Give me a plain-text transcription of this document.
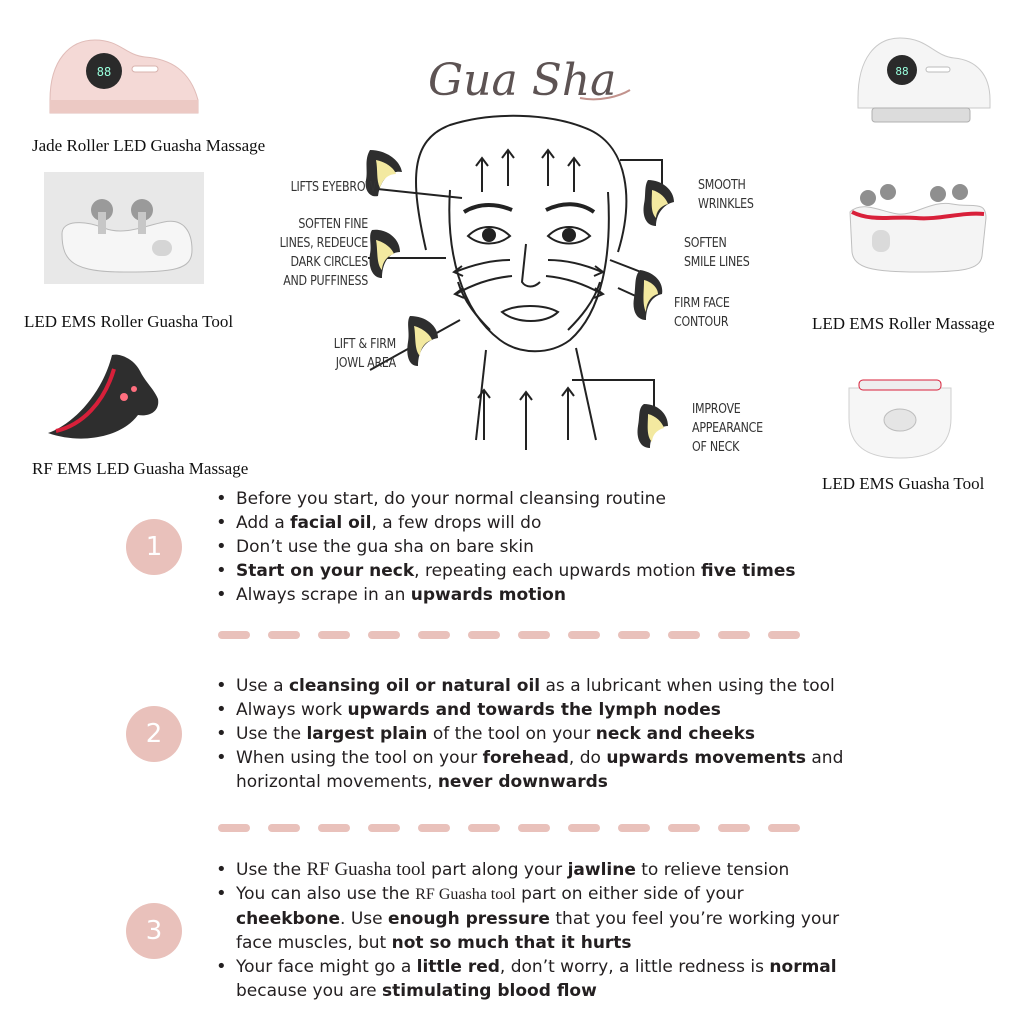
88
Jade Roller LED Guasha Massage
LED EMS Roller Guasha Tool
RF EMS LED Guasha Massage
88
LED EMS Roller Massage
LED EMS Guasha Tool
Gua Sha
LIFTS EYEBROW
SOFTEN FINE
LINES, REDEUCE
DARK CIRCLES
AND PUFFINESS
LIFT & FIRM
JOWL AREA
SMOOTH
WRINKLES
SOFTEN
SMILE LINES
FIRM FACE
CONTOUR
IMPROVE
APPEARANCE
OF NECK
1
• Before you start, do your normal cleansing routine
• Add a facial oil, a few drops will do
• Don’t use the gua sha on bare skin
• Start on your neck, repeating each upwards motion five times
• Always scrape in an upwards motion
2
• Use a cleansing oil or natural oil as a lubricant when using the tool
• Always work upwards and towards the lymph nodes
• Use the largest plain of the tool on your neck and cheeks
• When using the tool on your forehead, do upwards movements and
horizontal movements, never downwards
3
• Use the RF Guasha tool part along your jawline to relieve tension
• You can also use the RF Guasha tool part on either side of your
cheekbone. Use enough pressure that you feel you’re working your
face muscles, but not so much that it hurts
• Your face might go a little red, don’t worry, a little redness is normal
because you are stimulating blood flow
